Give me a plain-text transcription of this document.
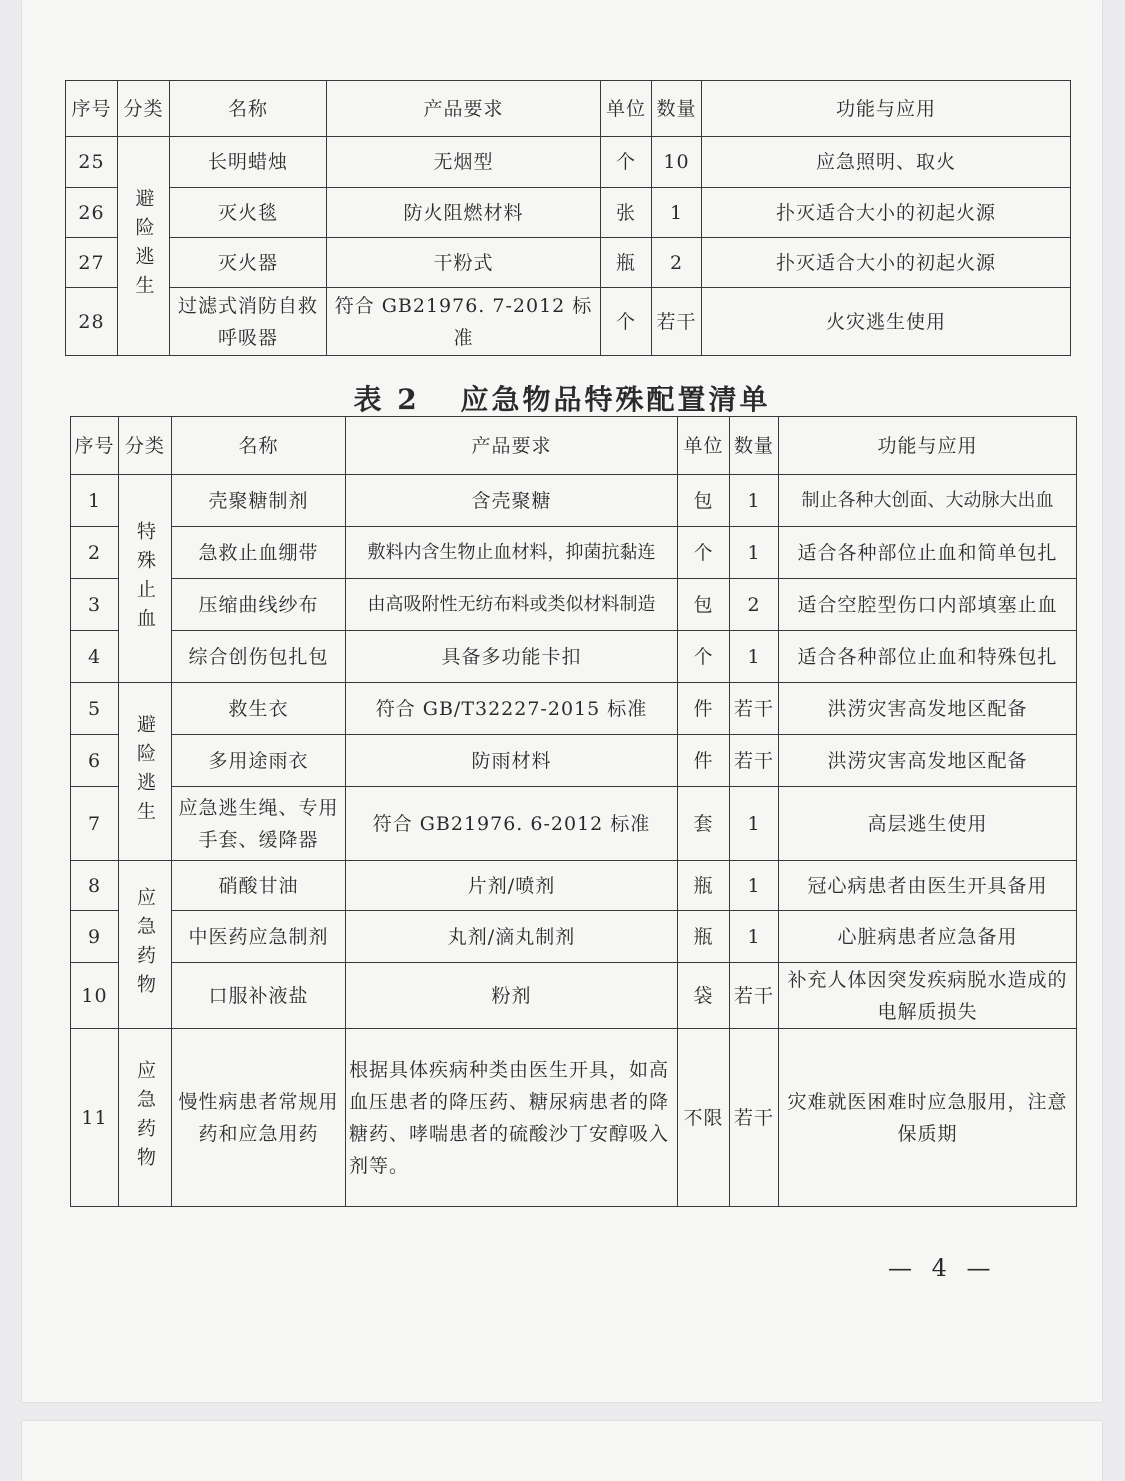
序号	分类	名称	产品要求	单位	数量	功能与应用
25	避险逃生	长明蜡烛	无烟型	个	10	应急照明、取火
26		灭火毯	防火阻燃材料	张	1	扑灭适合大小的初起火源
27		灭火器	干粉式	瓶	2	扑灭适合大小的初起火源
28		过滤式消防自救呼吸器	符合 GB21976. 7-2012 标准	个	若干	火灾逃生使用
表 2 应急物品特殊配置清单
序号	分类	名称	产品要求	单位	数量	功能与应用
1	特殊止血	壳聚糖制剂	含壳聚糖	包	1	制止各种大创面、大动脉大出血
2		急救止血绷带	敷料内含生物止血材料，抑菌抗黏连	个	1	适合各种部位止血和简单包扎
3		压缩曲线纱布	由高吸附性无纺布料或类似材料制造	包	2	适合空腔型伤口内部填塞止血
4		综合创伤包扎包	具备多功能卡扣	个	1	适合各种部位止血和特殊包扎
5	避险逃生	救生衣	符合 GB/T32227-2015 标准	件	若干	洪涝灾害高发地区配备
6		多用途雨衣	防雨材料	件	若干	洪涝灾害高发地区配备
7		应急逃生绳、专用手套、缓降器	符合 GB21976. 6-2012 标准	套	1	高层逃生使用
8	应急药物	硝酸甘油	片剂/喷剂	瓶	1	冠心病患者由医生开具备用
9		中医药应急制剂	丸剂/滴丸制剂	瓶	1	心脏病患者应急备用
10		口服补液盐	粉剂	袋	若干	补充人体因突发疾病脱水造成的电解质损失
11	应急药物	慢性病患者常规用药和应急用药	根据具体疾病种类由医生开具，如高血压患者的降压药、糖尿病患者的降糖药、哮喘患者的硫酸沙丁安醇吸入剂等。	不限	若干	灾难就医困难时应急服用，注意保质期
— 4 —
